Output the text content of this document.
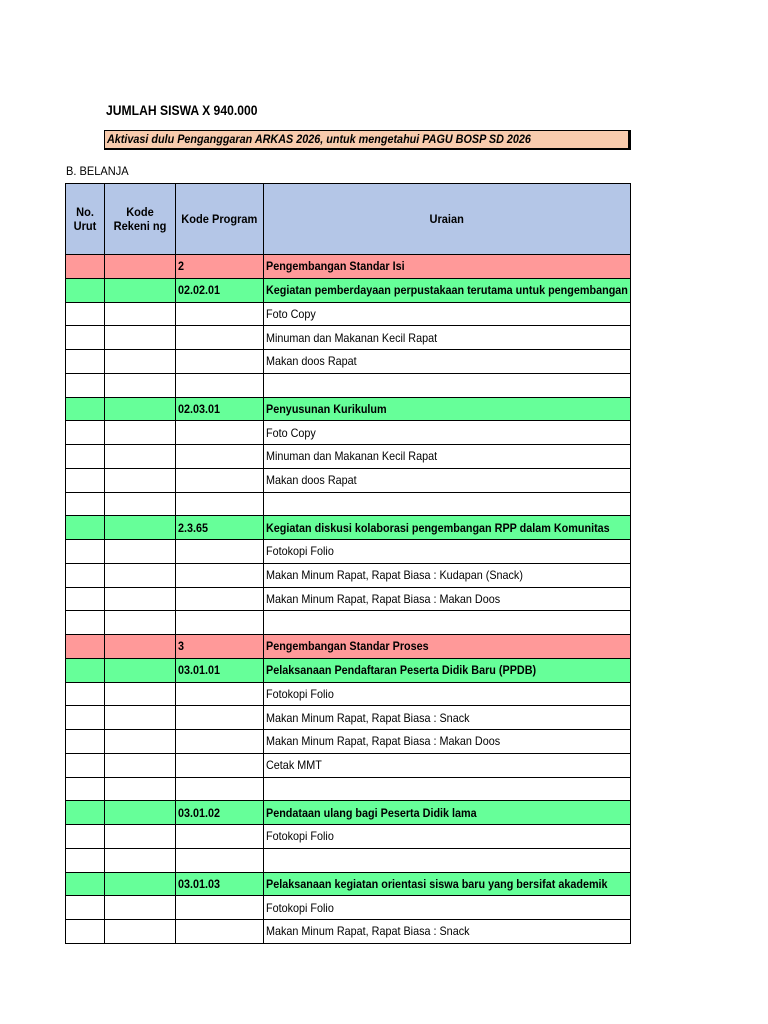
JUMLAH SISWA X 940.000
Aktivasi dulu Penganggaran ARKAS 2026, untuk mengetahui PAGU BOSP SD 2026
B. BELANJA
No. Urut	Kode Rekeni ng	Kode Program	Uraian
		2	Pengembangan Standar Isi
		02.02.01	Kegiatan pemberdayaan perpustakaan terutama untuk pengembangan
			Foto Copy
			Minuman dan Makanan Kecil Rapat
			Makan doos Rapat

		02.03.01	Penyusunan Kurikulum
			Foto Copy
			Minuman dan Makanan Kecil Rapat
			Makan doos Rapat

		2.3.65	Kegiatan diskusi kolaborasi pengembangan RPP dalam Komunitas
			Fotokopi Folio
			Makan Minum Rapat, Rapat Biasa : Kudapan (Snack)
			Makan Minum Rapat, Rapat Biasa : Makan Doos

		3	Pengembangan Standar Proses
		03.01.01	Pelaksanaan Pendaftaran Peserta Didik Baru (PPDB)
			Fotokopi Folio
			Makan Minum Rapat, Rapat Biasa : Snack
			Makan Minum Rapat, Rapat Biasa : Makan Doos
			Cetak MMT

		03.01.02	Pendataan ulang bagi Peserta Didik lama
			Fotokopi Folio

		03.01.03	Pelaksanaan kegiatan orientasi siswa baru yang bersifat akademik
			Fotokopi Folio
			Makan Minum Rapat, Rapat Biasa : Snack
